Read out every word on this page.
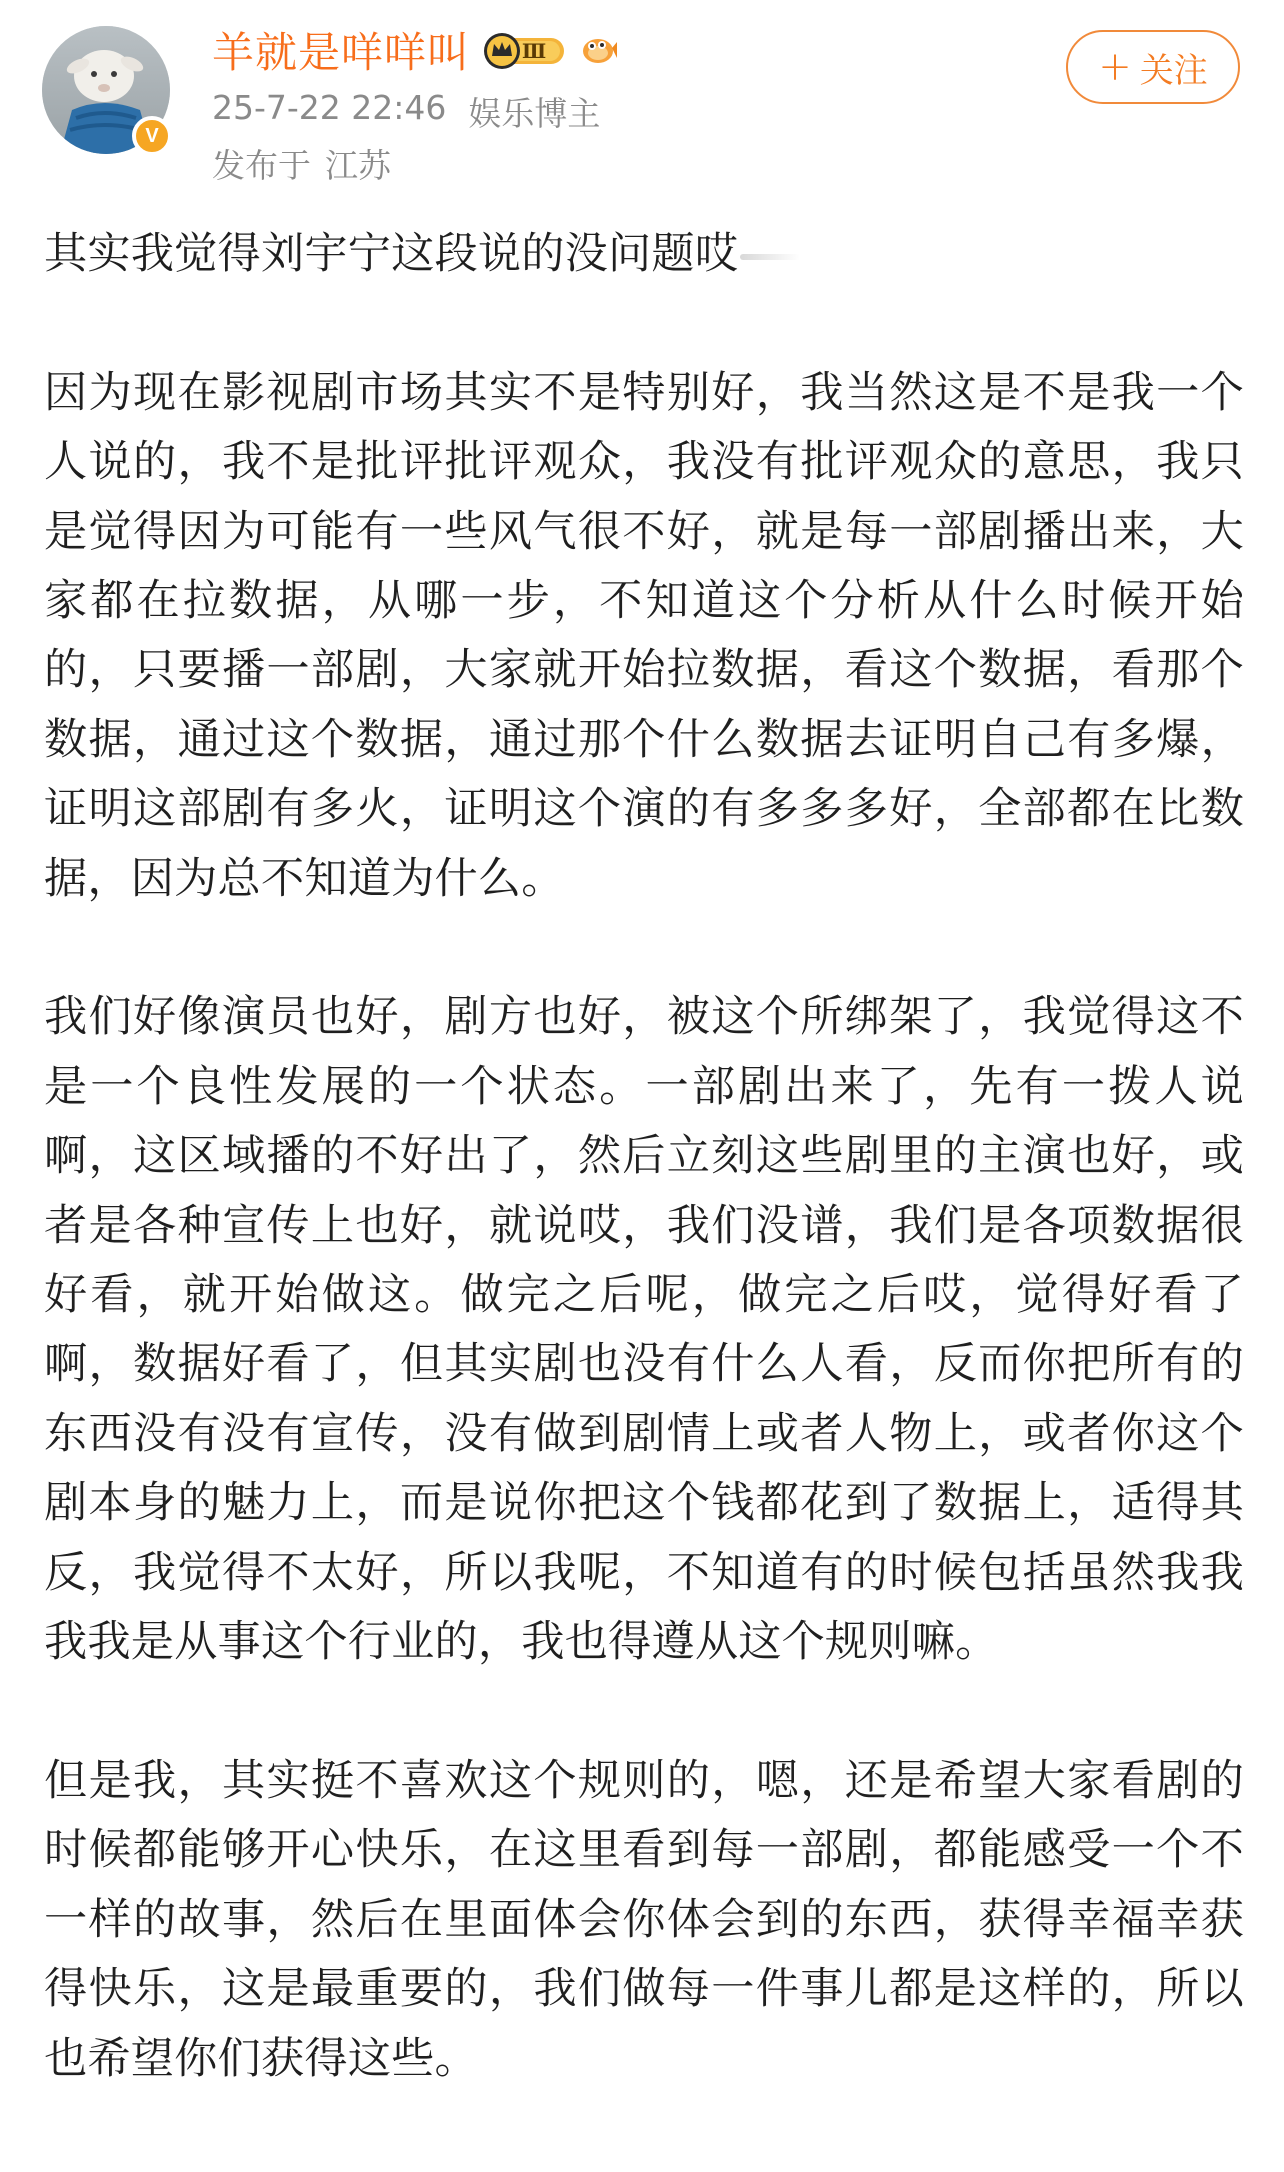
V
羊就是咩咩叫	Ⅲ
25-7-22 22:46 娱乐博主
发布于 江苏
+ 关注

其实我觉得刘宇宁这段说的没问题哎

因为现在影视剧市场其实不是特别好，我当然这是不是我一个人说的，我不是批评批评观众，我没有批评观众的意思，我只是觉得因为可能有一些风气很不好，就是每一部剧播出来，大家都在拉数据，从哪一步，不知道这个分析从什么时候开始的，只要播一部剧，大家就开始拉数据，看这个数据，看那个数据，通过这个数据，通过那个什么数据去证明自己有多爆，证明这部剧有多火，证明这个演的有多多多好，全部都在比数据，因为总不知道为什么。

我们好像演员也好，剧方也好，被这个所绑架了，我觉得这不是一个良性发展的一个状态。一部剧出来了，先有一拨人说啊，这区域播的不好出了，然后立刻这些剧里的主演也好，或者是各种宣传上也好，就说哎，我们没谱，我们是各项数据很好看，就开始做这。做完之后呢，做完之后哎，觉得好看了啊，数据好看了，但其实剧也没有什么人看，反而你把所有的东西没有没有宣传，没有做到剧情上或者人物上，或者你这个剧本身的魅力上，而是说你把这个钱都花到了数据上，适得其反，我觉得不太好，所以我呢，不知道有的时候包括虽然我我我我是从事这个行业的，我也得遵从这个规则嘛。

但是我，其实挺不喜欢这个规则的，嗯，还是希望大家看剧的时候都能够开心快乐，在这里看到每一部剧，都能感受一个不一样的故事，然后在里面体会你体会到的东西，获得幸福幸获得快乐，这是最重要的，我们做每一件事儿都是这样的，所以也希望你们获得这些。
